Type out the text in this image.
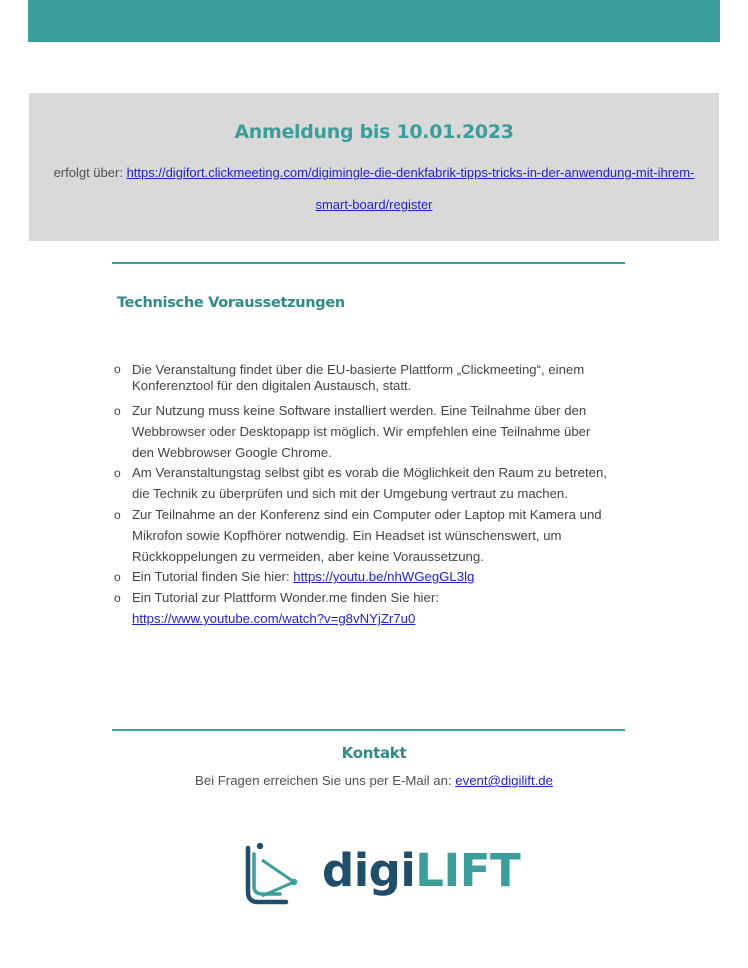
Anmeldung bis 10.01.2023
erfolgt über: https://digifort.clickmeeting.com/digimingle-die-denkfabrik-tipps-tricks-in-der-anwendung-mit-ihrem-smart-board/register
Technische Voraussetzungen
o Die Veranstaltung findet über die EU-basierte Plattform „Clickmeeting“, einem Konferenztool für den digitalen Austausch, statt.
o Zur Nutzung muss keine Software installiert werden. Eine Teilnahme über den Webbrowser oder Desktopapp ist möglich. Wir empfehlen eine Teilnahme über den Webbrowser Google Chrome.
o Am Veranstaltungstag selbst gibt es vorab die Möglichkeit den Raum zu betreten, die Technik zu überprüfen und sich mit der Umgebung vertraut zu machen.
o Zur Teilnahme an der Konferenz sind ein Computer oder Laptop mit Kamera und Mikrofon sowie Kopfhörer notwendig. Ein Headset ist wünschenswert, um Rückkoppelungen zu vermeiden, aber keine Voraussetzung.
o Ein Tutorial finden Sie hier: https://youtu.be/nhWGegGL3lg
o Ein Tutorial zur Plattform Wonder.me finden Sie hier:
https://www.youtube.com/watch?v=g8vNYjZr7u0
Kontakt
Bei Fragen erreichen Sie uns per E-Mail an: event@digilift.de
digiLIFT
